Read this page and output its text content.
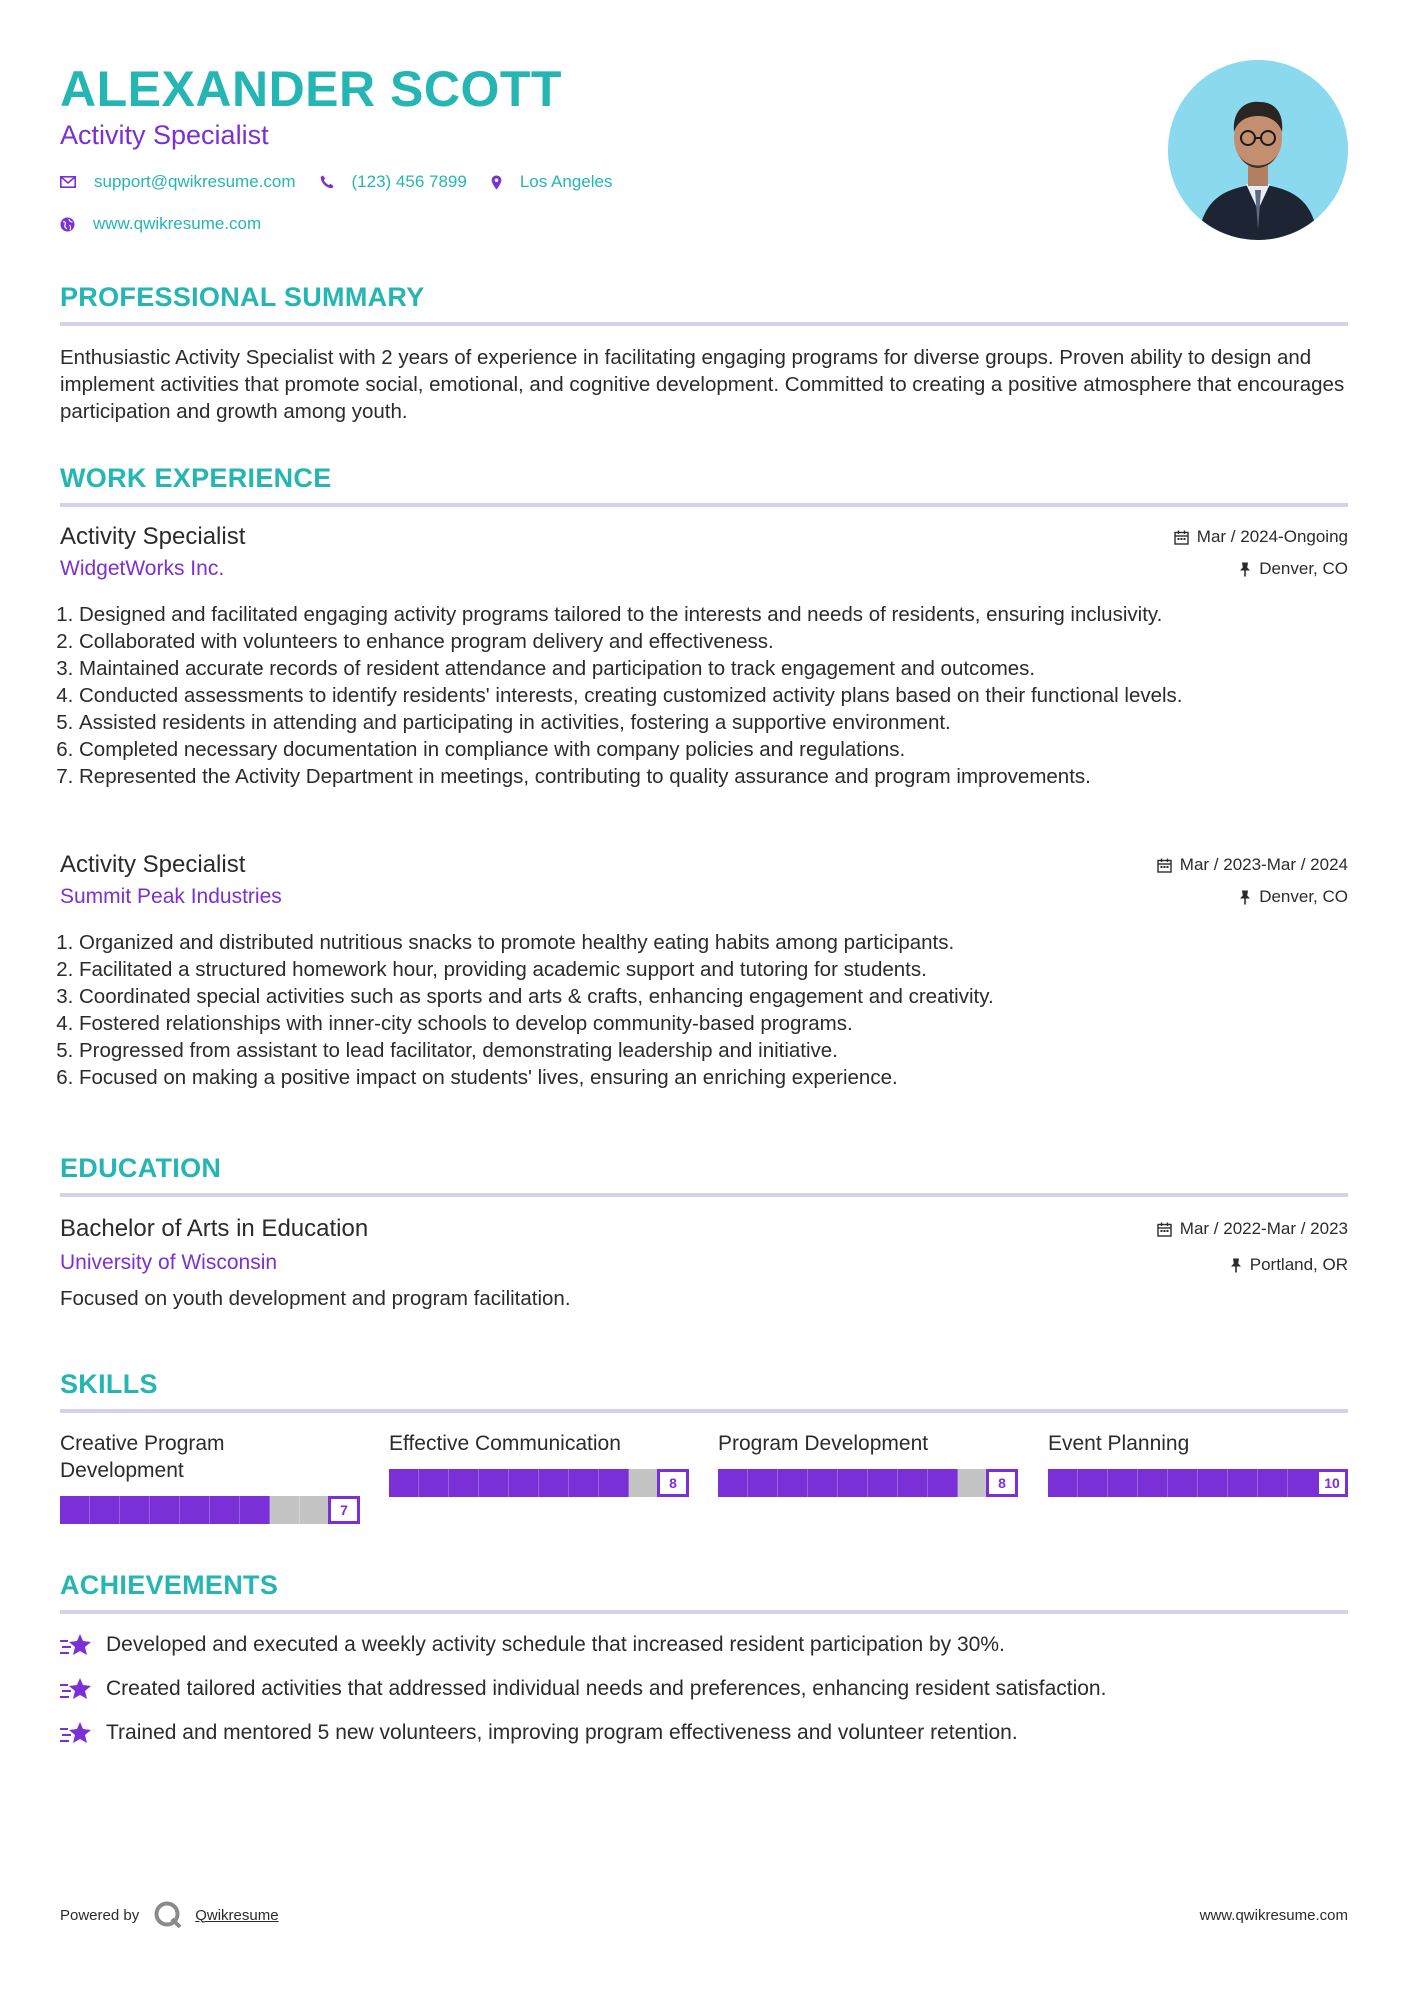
ALEXANDER SCOTT
Activity Specialist
support@qwikresume.com	(123) 456 7899	Los Angeles
www.qwikresume.com
PROFESSIONAL SUMMARY
Enthusiastic Activity Specialist with 2 years of experience in facilitating engaging programs for diverse groups. Proven ability to design and implement activities that promote social, emotional, and cognitive development. Committed to creating a positive atmosphere that encourages participation and growth among youth.
WORK EXPERIENCE
Activity Specialist
WidgetWorks Inc.
Mar / 2024-Ongoing
Denver, CO
1. Designed and facilitated engaging activity programs tailored to the interests and needs of residents, ensuring inclusivity.
2. Collaborated with volunteers to enhance program delivery and effectiveness.
3. Maintained accurate records of resident attendance and participation to track engagement and outcomes.
4. Conducted assessments to identify residents' interests, creating customized activity plans based on their functional levels.
5. Assisted residents in attending and participating in activities, fostering a supportive environment.
6. Completed necessary documentation in compliance with company policies and regulations.
7. Represented the Activity Department in meetings, contributing to quality assurance and program improvements.
Activity Specialist
Summit Peak Industries
Mar / 2023-Mar / 2024
Denver, CO
1. Organized and distributed nutritious snacks to promote healthy eating habits among participants.
2. Facilitated a structured homework hour, providing academic support and tutoring for students.
3. Coordinated special activities such as sports and arts & crafts, enhancing engagement and creativity.
4. Fostered relationships with inner-city schools to develop community-based programs.
5. Progressed from assistant to lead facilitator, demonstrating leadership and initiative.
6. Focused on making a positive impact on students' lives, ensuring an enriching experience.
EDUCATION
Bachelor of Arts in Education
University of Wisconsin
Focused on youth development and program facilitation.
Mar / 2022-Mar / 2023
Portland, OR
SKILLS
Creative Program
Development
7
Effective Communication
8
Program Development
8
Event Planning
10
ACHIEVEMENTS
Developed and executed a weekly activity schedule that increased resident participation by 30%.
Created tailored activities that addressed individual needs and preferences, enhancing resident satisfaction.
Trained and mentored 5 new volunteers, improving program effectiveness and volunteer retention.
Powered by	Qwikresume	www.qwikresume.com
